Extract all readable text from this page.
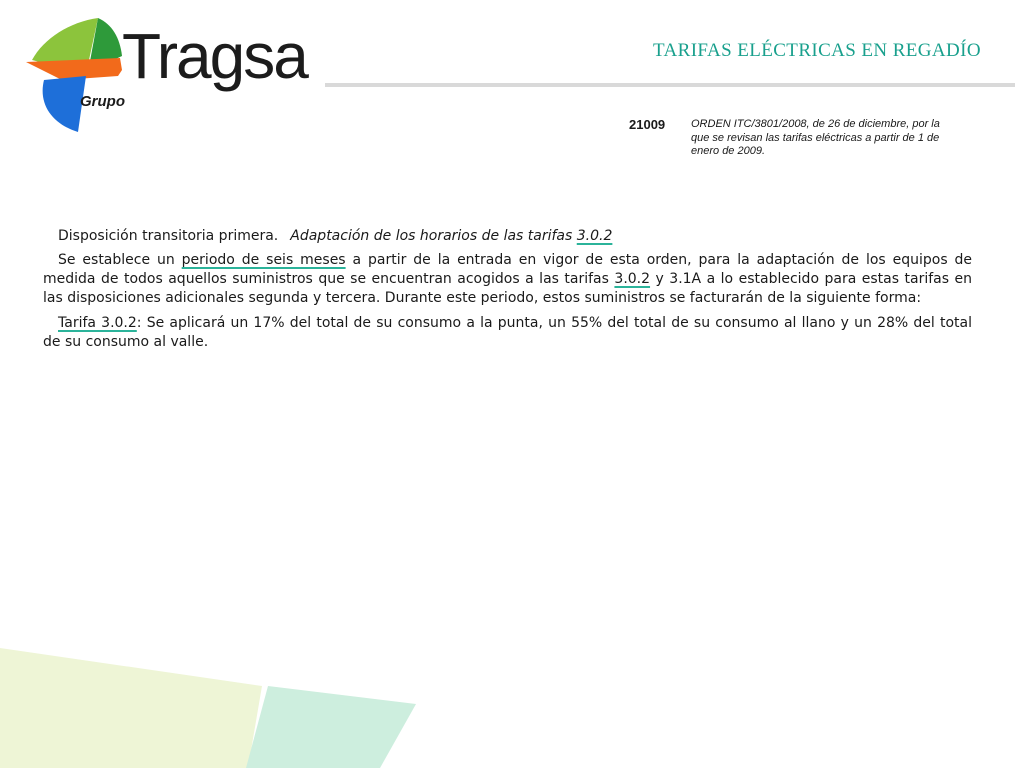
Tragsa
Grupo
TARIFAS ELÉCTRICAS EN REGADÍO
21009 ORDEN ITC/3801/2008, de 26 de diciembre, por la que se revisan las tarifas eléctricas a partir de 1 de enero de 2009.

Disposición transitoria primera. Adaptación de los horarios de las tarifas 3.0.2

Se establece un periodo de seis meses a partir de la entrada en vigor de esta orden, para la adaptación de los equipos de medida de todos aquellos suministros que se encuentran acogidos a las tarifas 3.0.2 y 3.1A a lo establecido para estas tarifas en las disposiciones adicionales segunda y tercera. Durante este periodo, estos suministros se facturarán de la siguiente forma:

Tarifa 3.0.2: Se aplicará un 17% del total de su consumo a la punta, un 55% del total de su consumo al llano y un 28% del total de su consumo al valle.
